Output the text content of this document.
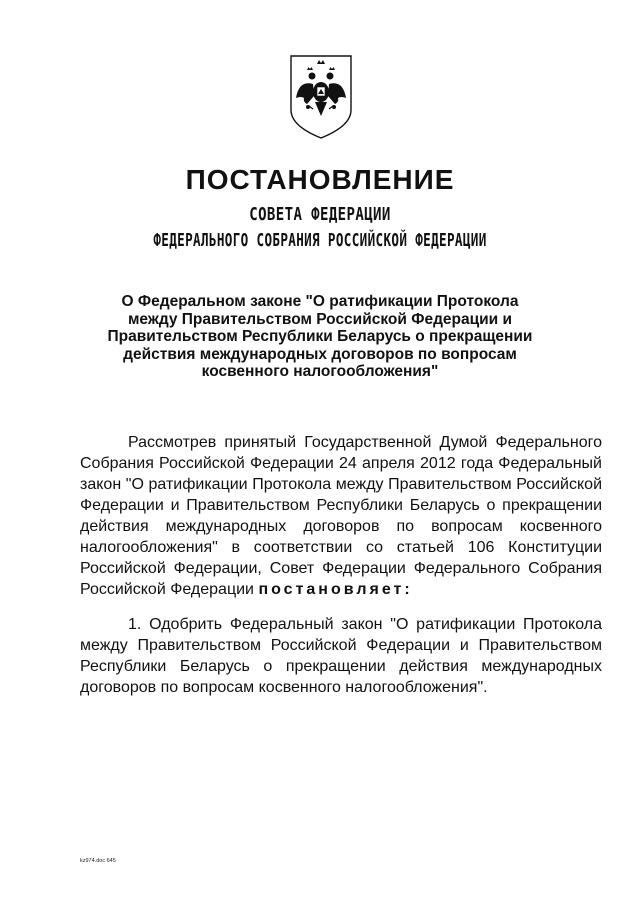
ПОСТАНОВЛЕНИЕ
СОВЕТА ФЕДЕРАЦИИ
ФЕДЕРАЛЬНОГО СОБРАНИЯ РОССИЙСКОЙ ФЕДЕРАЦИИ
О Федеральном законе "О ратификации Протокола между Правительством Российской Федерации и Правительством Республики Беларусь о прекращении действия международных договоров по вопросам косвенного налогообложения"

Рассмотрев принятый Государственной Думой Федерального Собрания Российской Федерации 24 апреля 2012 года Федеральный закон "О ратификации Протокола между Правительством Российской Федерации и Правительством Республики Беларусь о прекращении действия международных договоров по вопросам косвенного налогообложения" в соответствии со статьей 106 Конституции Российской Федерации, Совет Федерации Федерального Собрания Российской Федерации постановляет:

1. Одобрить Федеральный закон "О ратификации Протокола между Правительством Российской Федерации и Правительством Республики Беларусь о прекращении действия международных договоров по вопросам косвенного налогообложения".

kz974.doc 645
